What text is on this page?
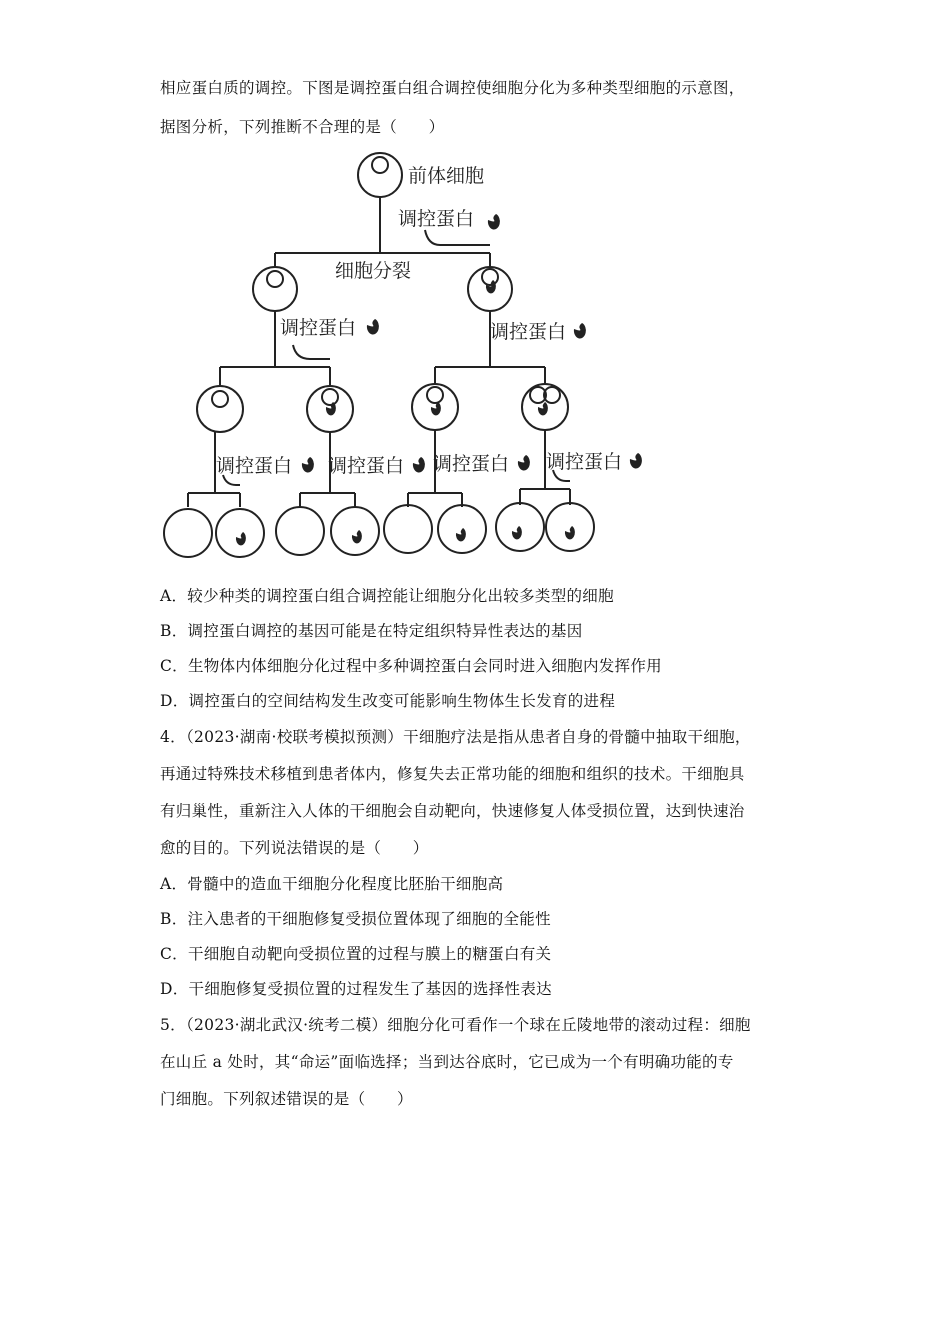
相应蛋白质的调控。下图是调控蛋白组合调控使细胞分化为多种类型细胞的示意图，
据图分析，下列推断不合理的是（　　）
前体细胞
调控蛋白
细胞分裂
调控蛋白	调控蛋白
调控蛋白 调控蛋白 调控蛋白 调控蛋白
A．较少种类的调控蛋白组合调控能让细胞分化出较多类型的细胞
B．调控蛋白调控的基因可能是在特定组织特异性表达的基因
C．生物体内体细胞分化过程中多种调控蛋白会同时进入细胞内发挥作用
D．调控蛋白的空间结构发生改变可能影响生物体生长发育的进程
4．（2023·湖南·校联考模拟预测）干细胞疗法是指从患者自身的骨髓中抽取干细胞，
再通过特殊技术移植到患者体内，修复失去正常功能的细胞和组织的技术。干细胞具
有归巢性，重新注入人体的干细胞会自动靶向，快速修复人体受损位置，达到快速治
愈的目的。下列说法错误的是（　　）
A．骨髓中的造血干细胞分化程度比胚胎干细胞高
B．注入患者的干细胞修复受损位置体现了细胞的全能性
C．干细胞自动靶向受损位置的过程与膜上的糖蛋白有关
D．干细胞修复受损位置的过程发生了基因的选择性表达
5．（2023·湖北武汉·统考二模）细胞分化可看作一个球在丘陵地带的滚动过程：细胞
在山丘 a 处时，其“命运”面临选择；当到达谷底时，它已成为一个有明确功能的专
门细胞。下列叙述错误的是（　　）
